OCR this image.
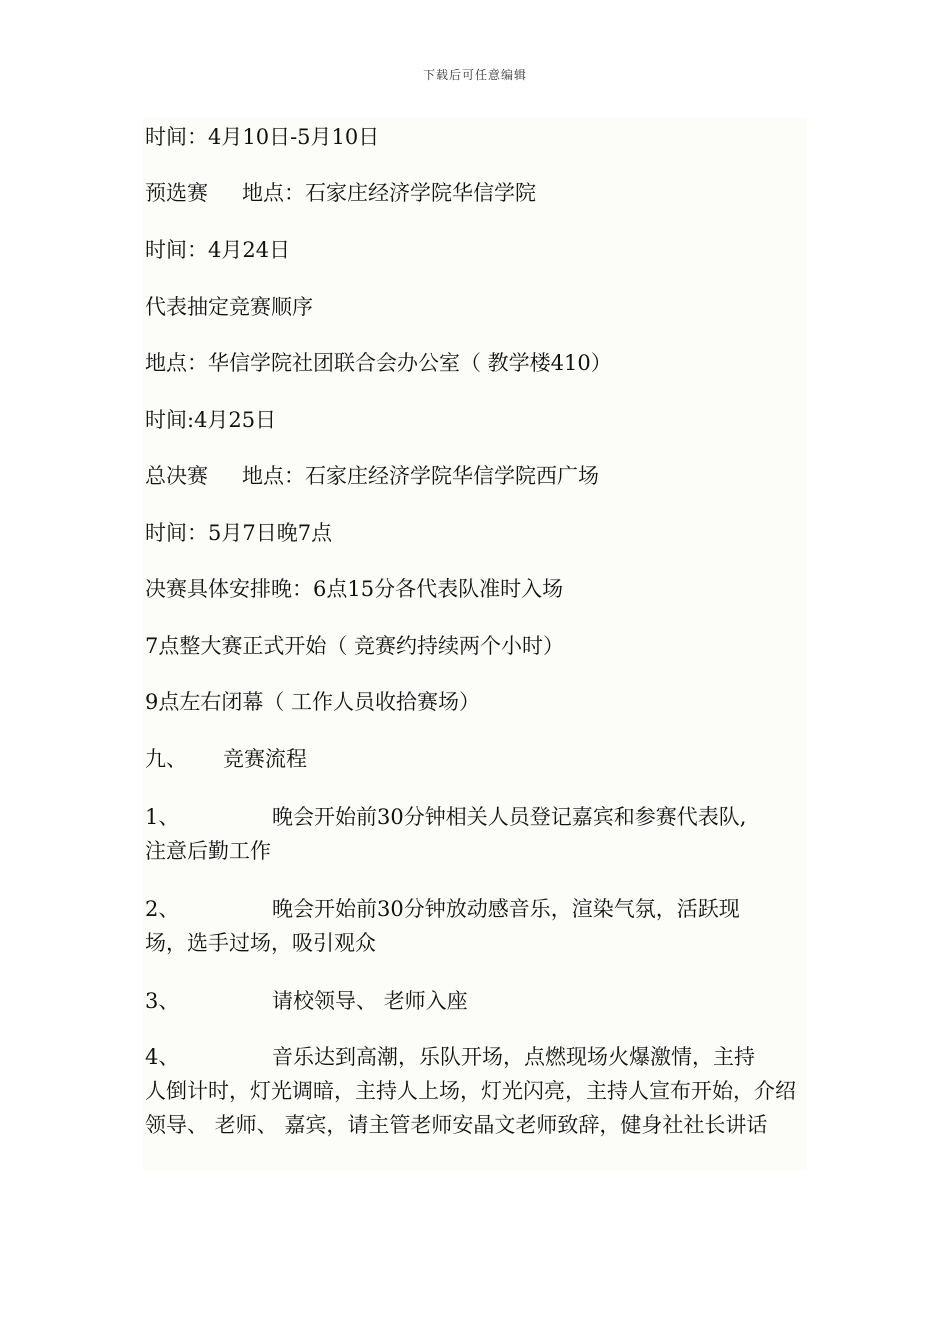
下载后可任意编辑
时间：4月10日-5月10日
预选赛 地点：石家庄经济学院华信学院
时间：4月24日
代表抽定竞赛顺序
地点：华信学院社团联合会办公室（ 教学楼410）
时间:4月25日
总决赛 地点：石家庄经济学院华信学院西广场
时间：5月7日晚7点
决赛具体安排晚：6点15分各代表队准时入场
7点整大赛正式开始（ 竞赛约持续两个小时）
9点左右闭幕（ 工作人员收拾赛场）
九、 竞赛流程
1、	晚会开始前30分钟相关人员登记嘉宾和参赛代表队,
注意后勤工作
2、	晚会开始前30分钟放动感音乐，渲染气氛，活跃现
场，选手过场，吸引观众
3、	请校领导、 老师入座
4、	音乐达到高潮，乐队开场，点燃现场火爆激情，主持
人倒计时，灯光调暗，主持人上场，灯光闪亮，主持人宣布开始，介绍领导、 老师、 嘉宾，请主管老师安晶文老师致辞，健身社社长讲话
